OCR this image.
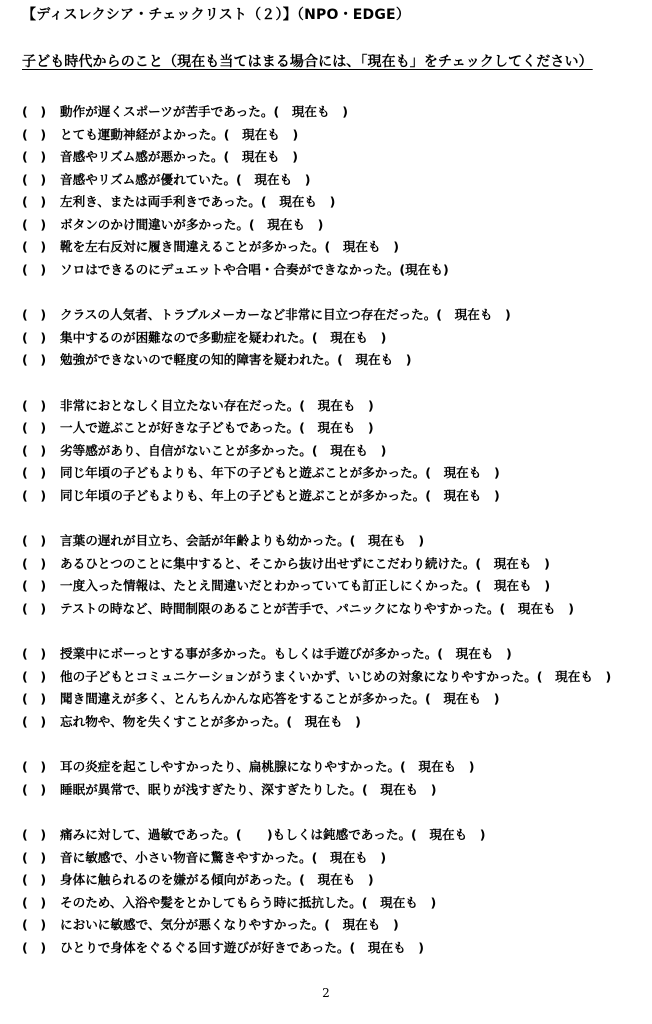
【ディスレクシア・チェックリスト（２）】（NPO・EDGE）
子ども時代からのこと（現在も当てはまる場合には、「現在も」をチェックしてください）
(　)	動作が遅くスポーツが苦手であった。(　現在も　)
(　)	とても運動神経がよかった。(　現在も　)
(　)	音感やリズム感が悪かった。(　現在も　)
(　)	音感やリズム感が優れていた。(　現在も　)
(　)	左利き、または両手利きであった。(　現在も　)
(　)	ボタンのかけ間違いが多かった。(　現在も　)
(　)	靴を左右反対に履き間違えることが多かった。(　現在も　)
(　)	ソロはできるのにデュエットや合唱・合奏ができなかった。(現在も)
(　)	クラスの人気者、トラブルメーカーなど非常に目立つ存在だった。(　現在も　)
(　)	集中するのが困難なので多動症を疑われた。(　現在も　)
(　)	勉強ができないので軽度の知的障害を疑われた。(　現在も　)
(　)	非常におとなしく目立たない存在だった。(　現在も　)
(　)	一人で遊ぶことが好きな子どもであった。(　現在も　)
(　)	劣等感があり、自信がないことが多かった。(　現在も　)
(　)	同じ年頃の子どもよりも、年下の子どもと遊ぶことが多かった。(　現在も　)
(　)	同じ年頃の子どもよりも、年上の子どもと遊ぶことが多かった。(　現在も　)
(　)	言葉の遅れが目立ち、会話が年齢よりも幼かった。(　現在も　)
(　)	あるひとつのことに集中すると、そこから抜け出せずにこだわり続けた。(　現在も　)
(　)	一度入った情報は、たとえ間違いだとわかっていても訂正しにくかった。(　現在も　)
(　)	テストの時など、時間制限のあることが苦手で、パニックになりやすかった。(　現在も　)
(　)	授業中にボーっとする事が多かった。もしくは手遊びが多かった。(　現在も　)
(　)	他の子どもとコミュニケーションがうまくいかず、いじめの対象になりやすかった。(　現在も　)
(　)	聞き間違えが多く、とんちんかんな応答をすることが多かった。(　現在も　)
(　)	忘れ物や、物を失くすことが多かった。(　現在も　)
(　)	耳の炎症を起こしやすかったり、扁桃腺になりやすかった。(　現在も　)
(　)	睡眠が異常で、眠りが浅すぎたり、深すぎたりした。(　現在も　)
(　)	痛みに対して、過敏であった。(　　)もしくは鈍感であった。(　現在も　)
(　)	音に敏感で、小さい物音に驚きやすかった。(　現在も　)
(　)	身体に触られるのを嫌がる傾向があった。(　現在も　)
(　)	そのため、入浴や髪をとかしてもらう時に抵抗した。(　現在も　)
(　)	においに敏感で、気分が悪くなりやすかった。(　現在も　)
(　)	ひとりで身体をぐるぐる回す遊びが好きであった。(　現在も　)
2
